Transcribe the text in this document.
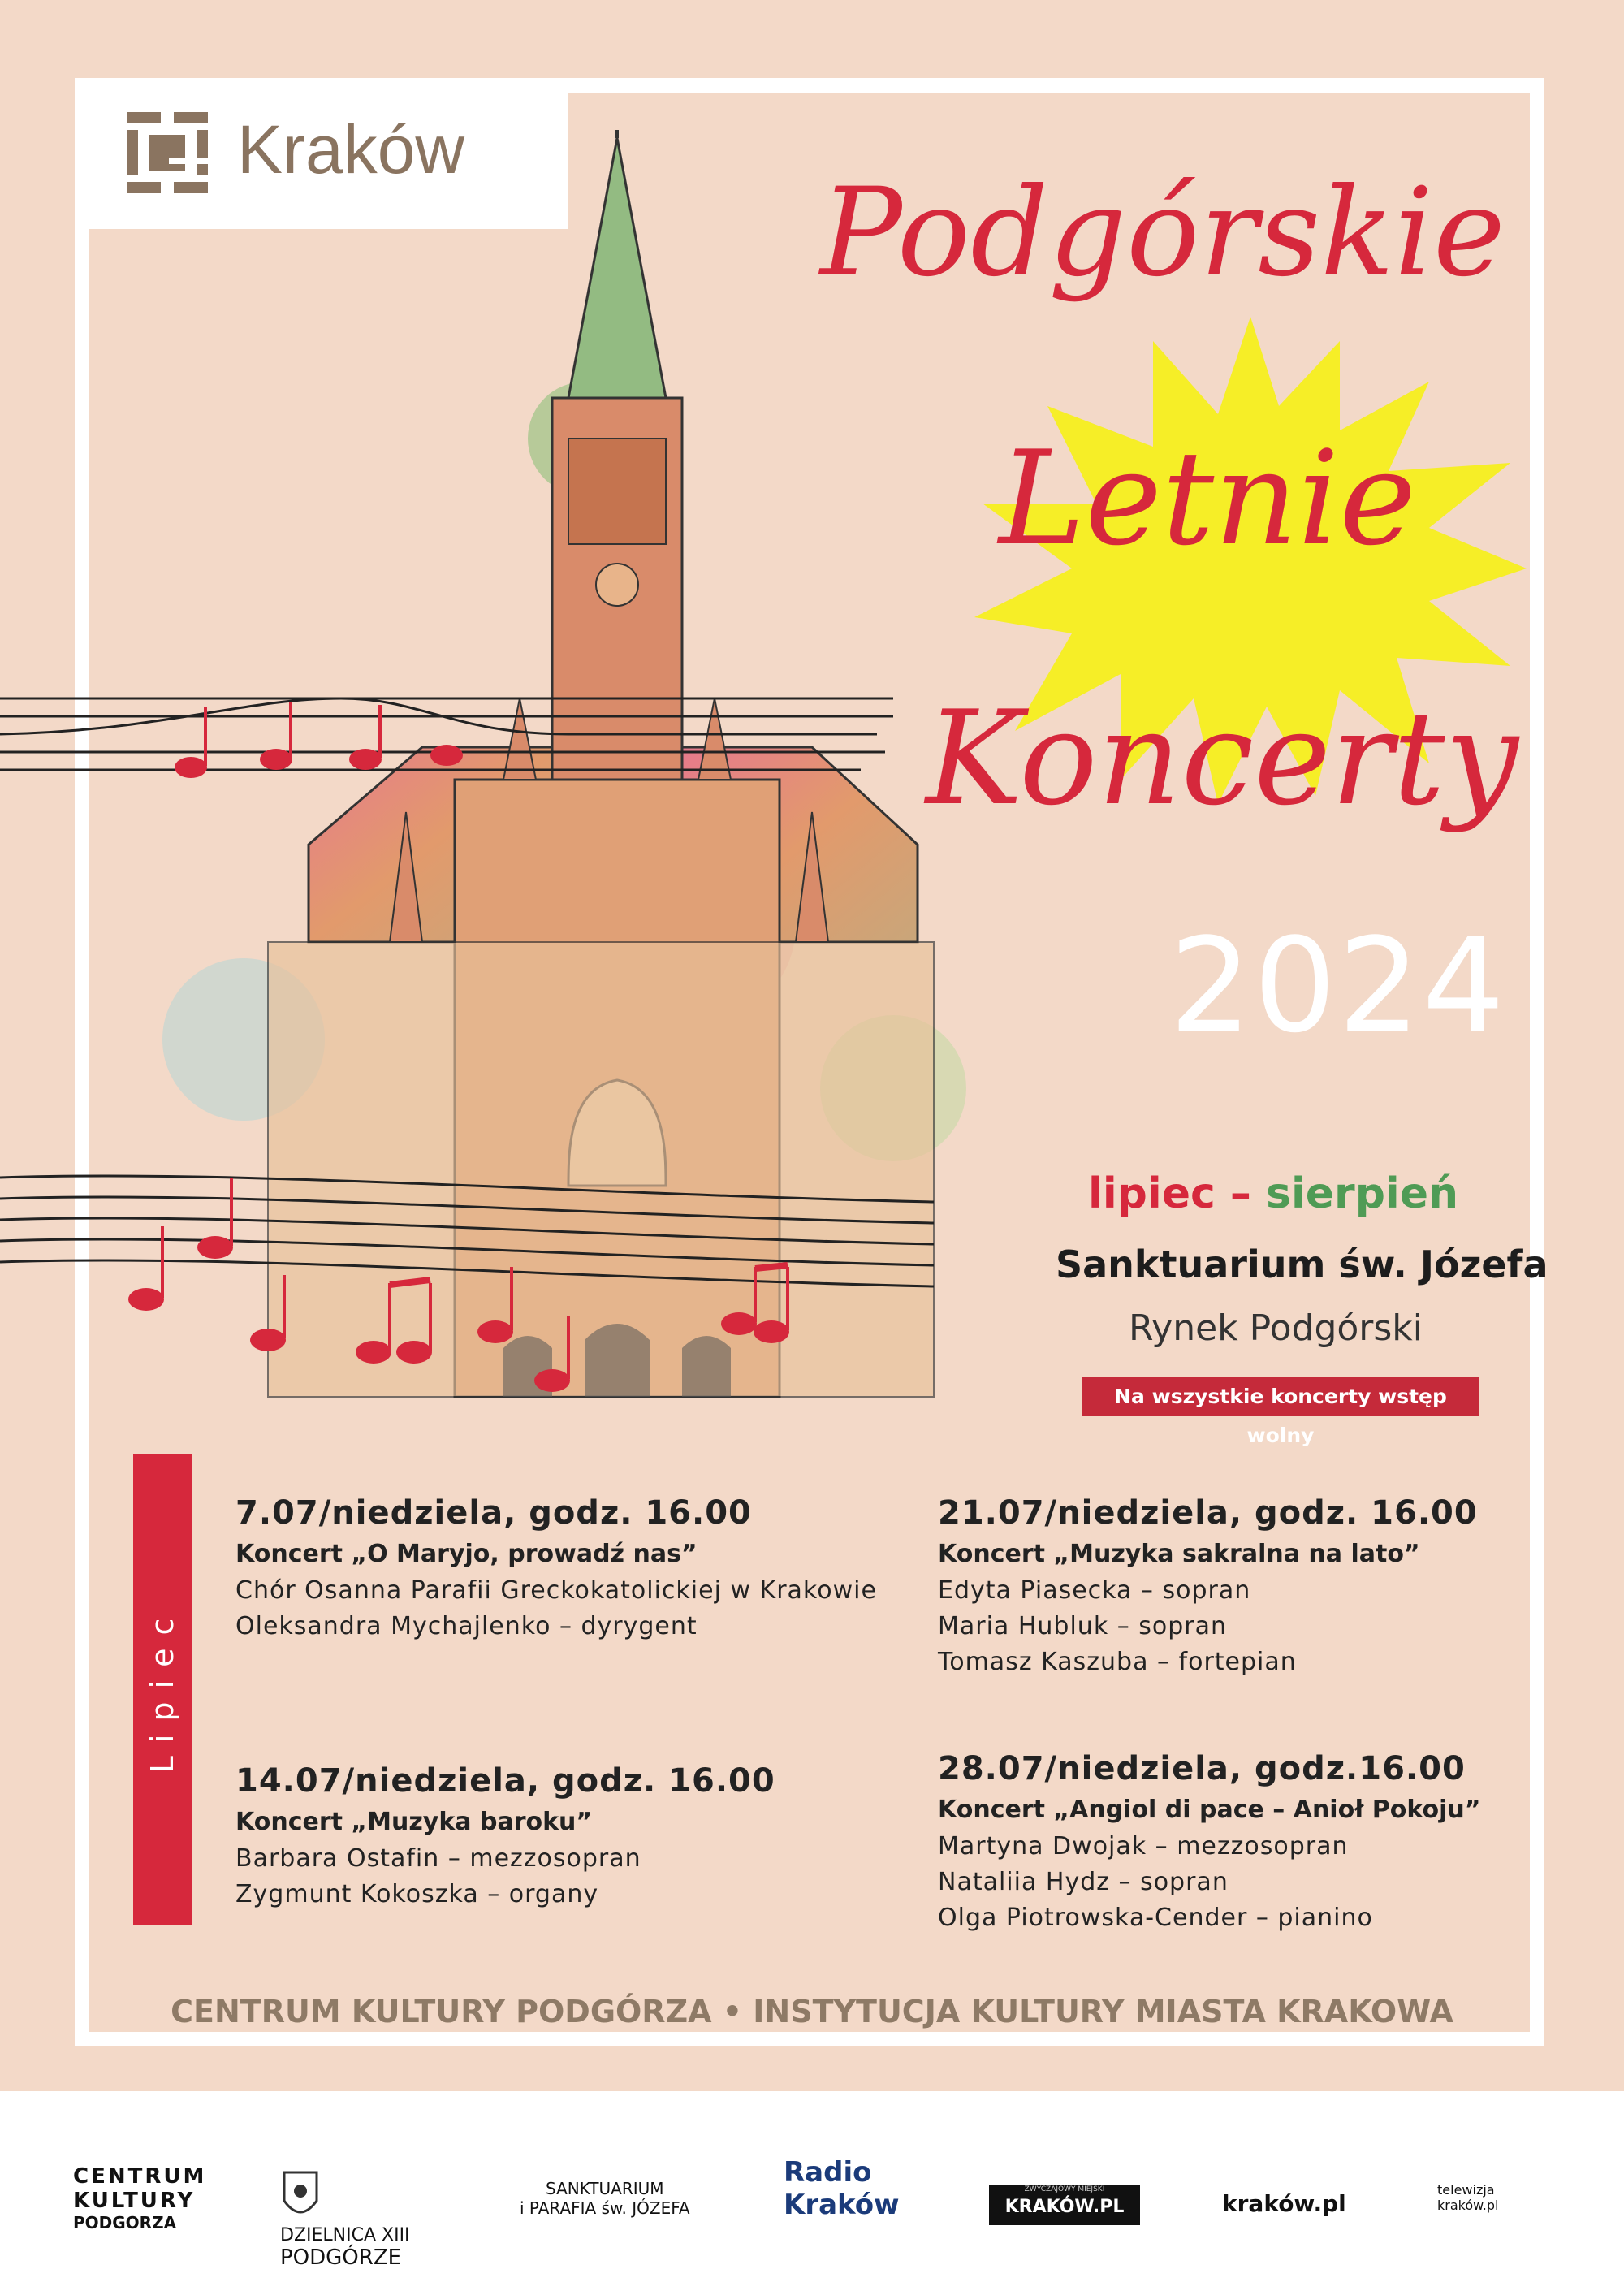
Kraków
Podgórskie
Letnie
Koncerty
2024
lipiec – sierpień
Sanktuarium św. Józefa
Rynek Podgórski
Na wszystkie koncerty wstęp wolny
Lipiec
7.07/niedziela, godz. 16.00
Koncert „O Maryjo, prowadź nas”
Chór Osanna Parafii Greckokatolickiej w Krakowie
Oleksandra Mychajlenko – dyrygent
14.07/niedziela, godz. 16.00
Koncert „Muzyka baroku”
Barbara Ostafin – mezzosopran
Zygmunt Kokoszka – organy
21.07/niedziela, godz. 16.00
Koncert „Muzyka sakralna na lato”
Edyta Piasecka – sopran
Maria Hubluk – sopran
Tomasz Kaszuba – fortepian
28.07/niedziela, godz.16.00
Koncert „Angiol di pace – Anioł Pokoju”
Martyna Dwojak – mezzosopran
Nataliia Hydz – sopran
Olga Piotrowska-Cender – pianino
CENTRUM KULTURY PODGÓRZA • INSTYTUCJA KULTURY MIASTA KRAKOWA
CENTRUM
KULTURY
PODGORZA
DZIELNICA XIII
PODGÓRZE
SANKTUARIUM
i PARAFIA św. JÓZEFA
Radio
Kraków	ZWYCZAJOWY MIEJSKI
KRAKÓW.PL	kraków.pl
telewizja
kraków.pl
